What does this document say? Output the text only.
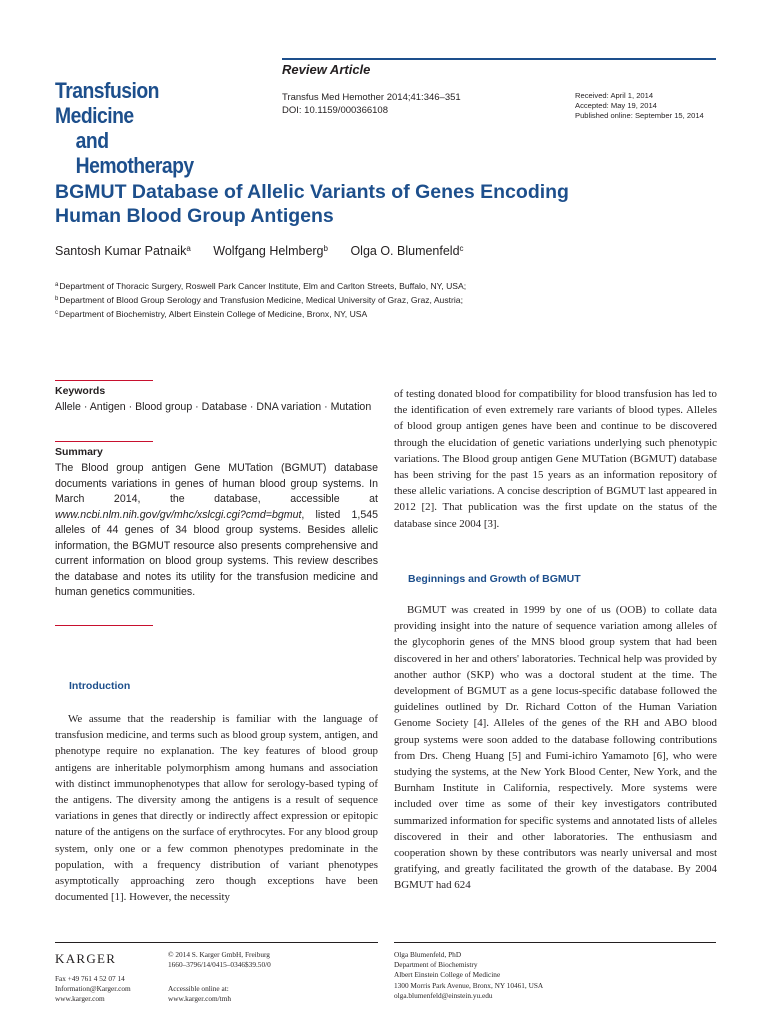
Transfusion Medicine
and Hemotherapy
Review Article
Transfus Med Hemother 2014;41:346–351
DOI: 10.1159/000366108
Received: April 1, 2014
Accepted: May 19, 2014
Published online: September 15, 2014
BGMUT Database of Allelic Variants of Genes Encoding
Human Blood Group Antigens
Santosh Kumar Patnaik$^a$ Wolfgang Helmberg$^b$ Olga O. Blumenfeld$^c$
$^a$Department of Thoracic Surgery, Roswell Park Cancer Institute, Elm and Carlton Streets, Buffalo, NY, USA;
$^b$Department of Blood Group Serology and Transfusion Medicine, Medical University of Graz, Graz, Austria;
$^c$Department of Biochemistry, Albert Einstein College of Medicine, Bronx, NY, USA
Keywords
Allele · Antigen · Blood group · Database · DNA variation · Mutation
Summary
The Blood group antigen Gene MUTation (BGMUT) database documents variations in genes of human blood group systems. In March 2014, the database, accessible at www.ncbi.nlm.nih.gov/gv/mhc/xslcgi.cgi?cmd=bgmut, listed 1,545 alleles of 44 genes of 34 blood group systems. Besides allelic information, the BGMUT resource also presents comprehensive and current information on blood group systems. This review describes the database and notes its utility for the transfusion medicine and human genetics communities.
Introduction

We assume that the readership is familiar with the language of transfusion medicine, and terms such as blood group system, antigen, and phenotype require no explanation. The key features of blood group antigens are inheritable polymorphism among humans and association with distinct immunophenotypes that allow for serology-based typing of the antigens. The diversity among the antigens is a result of sequence variations in genes that directly or indirectly affect expression or epitopic nature of the antigens on the surface of erythrocytes. For any blood group system, only one or a few common phenotypes predominate in the population, with a frequency distribution of variant phenotypes asymptotically approaching zero though exceptions have been documented [1]. However, the necessity

of testing donated blood for compatibility for blood transfusion has led to the identification of even extremely rare variants of blood types. Alleles of blood group antigen genes have been and continue to be discovered through the elucidation of genetic variations underlying such phenotypic variations. The Blood group antigen Gene MUTation (BGMUT) database has been striving for the past 15 years as an information repository of these allelic variations. A concise description of BGMUT last appeared in 2012 [2]. That publication was the first update on the status of the database since 2004 [3].

Beginnings and Growth of BGMUT

BGMUT was created in 1999 by one of us (OOB) to collate data providing insight into the nature of sequence variation among alleles of the glycophorin genes of the MNS blood group system that had been discovered in her and others' laboratories. Technical help was provided by another author (SKP) who was a doctoral student at the time. The development of BGMUT as a gene locus-specific database followed the guidelines outlined by Dr. Richard Cotton of the Human Variation Genome Society [4]. Alleles of the genes of the RH and ABO blood group systems were soon added to the database following contributions from Drs. Cheng Huang [5] and Fumi-ichiro Yamamoto [6], who were studying the systems, at the New York Blood Center, New York, and the Burnham Institute in California, respectively. More systems were included over time as some of their key investigators contributed summarized information for specific systems and annotated lists of alleles discovered in their and other laboratories. The enthusiasm and cooperation shown by these contributors was nearly universal and most gratifying, and greatly facilitated the growth of the database. By 2004 BGMUT had 624

KARGER
Fax +49 761 4 52 07 14
Information@Karger.com
www.karger.com
© 2014 S. Karger GmbH, Freiburg
1660–3796/14/0415–0346$39.50/0
Accessible online at:
www.karger.com/tmh
Olga Blumenfeld, PhD
Department of Biochemistry
Albert Einstein College of Medicine
1300 Morris Park Avenue, Bronx, NY 10461, USA
olga.blumenfeld@einstein.yu.edu
